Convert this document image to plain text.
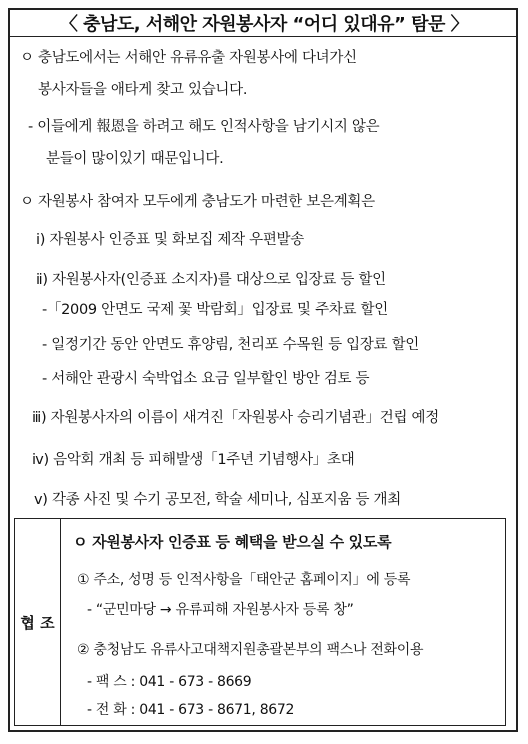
〈 충남도, 서해안 자원봉사자 “어디 있대유” 탐문 〉
ㅇ 충남도에서는 서해안 유류유출 자원봉사에 다녀가신
봉사자들을 애타게 찾고 있습니다.
- 이들에게 報恩을 하려고 해도 인적사항을 남기시지 않은
분들이 많이있기 때문입니다.
ㅇ 자원봉사 참여자 모두에게 충남도가 마련한 보은계획은
ⅰ) 자원봉사 인증표 및 화보집 제작 우편발송
ⅱ) 자원봉사자(인증표 소지자)를 대상으로 입장료 등 할인
-「2009 안면도 국제 꽃 박람회」입장료 및 주차료 할인
- 일정기간 동안 안면도 휴양림, 천리포 수목원 등 입장료 할인
- 서해안 관광시 숙박업소 요금 일부할인 방안 검토 등
ⅲ) 자원봉사자의 이름이 새겨진「자원봉사 승리기념관」건립 예정
ⅳ) 음악회 개최 등 피해발생「1주년 기념행사」초대
ⅴ) 각종 사진 및 수기 공모전, 학술 세미나, 심포지움 등 개최
협 조
ㅇ 자원봉사자 인증표 등 혜택을 받으실 수 있도록
① 주소, 성명 등 인적사항을「태안군 홈페이지」에 등록
- “군민마당 → 유류피해 자원봉사자 등록 창”
② 충청남도 유류사고대책지원총괄본부의 팩스나 전화이용
- 팩 스 : 041 - 673 - 8669
- 전 화 : 041 - 673 - 8671, 8672
